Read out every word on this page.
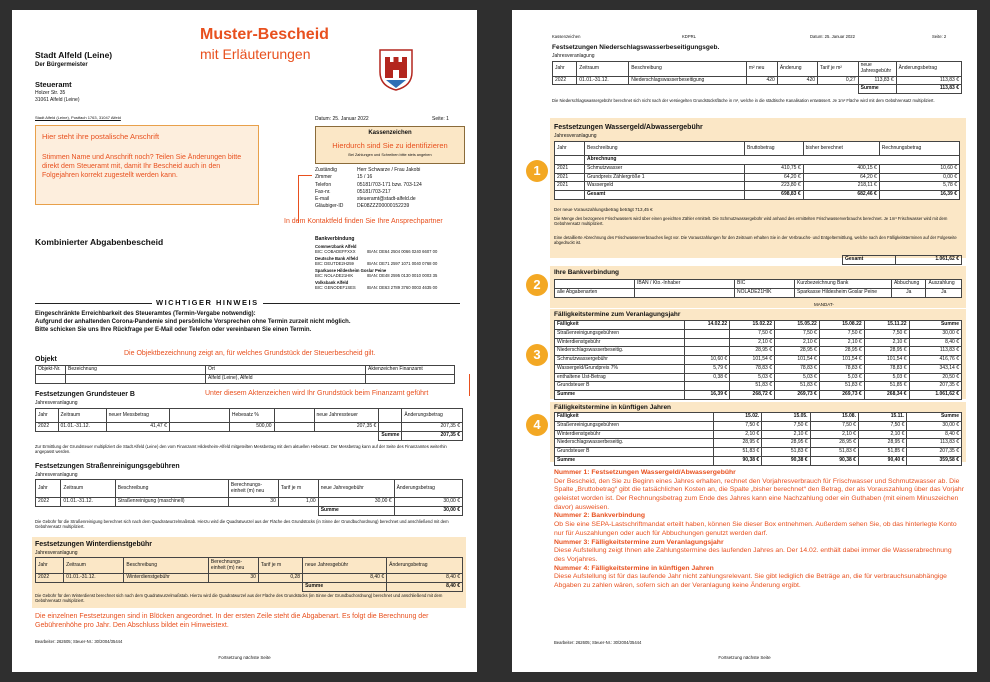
Muster-Bescheid
mit Erläuterungen
Stadt Alfeld (Leine)
Der Bürgermeister
Steueramt
Holzer Str. 35
31061 Alfeld (Leine)
Stadt Alfeld (Leine), Postfach 1763, 31047 Alfeld
Hier steht ihre postalische Anschrift
Stimmen Name und Anschrift noch? Teilen Sie Änderungen bitte direkt dem Steueramt mit, damit Ihr Bescheid auch in den Folgejahren korrekt zugestellt werden kann.
Datum: 25. Januar 2022	Seite: 1
Kassenzeichen
Hierdurch sind Sie zu identifizieren
Bei Zahlungen und Schreiben bitte stets angeben
Zuständig	Herr Schwarze / Frau Jakobi
Zimmer	15 / 16
Telefon	05181/703-171 bzw. 703-124
Fax-nr.	05181/703-217
E-mail	steueramt@stadt-alfeld.de
Gläubiger-ID	DE08ZZZ00000152239
In dem Kontaktfeld finden Sie Ihre Ansprechpartner
Kombinierter Abgabenbescheid	Bankverbindung
Commerzbank Alfeld
BIC: COBADEFFXXX	IBAN: DE64 2504 0066 0240 6607 00
Deutsche Bank Alfeld
BIC: DEUTDE2H259	IBAN: DE71 2597 1071 0040 0768 00
Sparkasse Hildesheim Goslar Peine
BIC: NOLADE21HIK	IBAN: DE48 2595 0130 0010 0003 35
Volksbank Alfeld
BIC: GENODEF1SES	IBAN: DE63 2789 3760 0003 4635 00
WICHTIGER HINWEIS
Eingeschränkte Erreichbarkeit des Steueramtes (Termin-Vergabe notwendig):
Aufgrund der anhaltenden Corona-Pandemie sind persönliche Vorsprechen ohne Termin zurzeit nicht möglich.
Bitte schicken Sie uns Ihre Rückfrage per E-Mail oder Telefon oder vereinbaren Sie einen Termin.
Objekt
Die Objektbezeichnung zeigt an, für welches Grundstück der Steuerbescheid gilt.
Objekt-Nr.	Bezeichnung	Ort	Aktenzeichen Finanzamt
		Alfeld (Leine), Alfeld	
Unter diesem Aktenzeichen wird Ihr Grundstück beim Finanzamt geführt
Festsetzungen Grundsteuer B
Jahresveranlagung
Jahr	Zeitraum	neuer Messbetrag		Hebesatz %		neue Jahressteuer		Änderungsbetrag
2022	01.01.-31.12.	41,47 €		500,00		207,35 €		207,35 €
							Summe	207,35 €
Zur Ermittlung der Grundsteuer multipliziert die Stadt Alfeld (Leine) den vom Finanzamt Hildesheim-Alfeld mitgeteilten Messbetrag mit dem aktuellen Hebesatz. Der Messbetrag kann auf der Seite des Finanzamtes weiterhin angepasst werden.
Festsetzungen Straßenreinigungsgebühren
Jahresveranlagung
Jahr	Zeitraum	Beschreibung	Berechnungs-einheit (m) neu	Tarif je m	neue Jahresgebühr	Änderungsbetrag
2022	01.01.-31.12.	Straßenreinigung (maschinell)	30	1,00	30,00 €	30,00 €
					Summe	30,00 €
Die Gebühr für die Straßenreinigung berechnet sich nach dem Quadratwurzelmaßstab. Hierzu wird die Quadratwurzel aus der Fläche des Grundstücks (in Sinne der Grundbuchordnung) berechnet und anschließend mit dem Gebührensatz multipliziert.
Festsetzungen Winterdienstgebühr
Jahresveranlagung
Jahr	Zeitraum	Beschreibung	Berechnungs-einheit (m) neu	Tarif je m	neue Jahresgebühr	Änderungsbetrag
2022	01.01.-31.12.	Winterdienstgebühr	30	0,28	8,40 €	8,40 €
					Summe	8,40 €
Die Gebühr für den Winterdienst berechnet sich nach dem Quadratwurzelmaßstab. Hierzu wird die Quadratwurzel aus der Fläche des Grundstücks (im Sinne der Grundbuchordnung) berechnet und anschließend mit dem Gebührensatz multipliziert.
Die einzelnen Festsetzungen sind in Blöcken angeordnet. In der ersten Zeile steht die Abgabenart. Es folgt die Berechnung der Gebührenhöhe pro Jahr. Den Abschluss bildet ein Hinweistext.
Bearbeiter: 262605; Steuer-Nr.: 30/2004/35444
Fortsetzung nächste Seite
Kassenzeichen	KDPRL	Datum: 25. Januar 2022	Seite: 2
Festsetzungen Niederschlagswasserbeseitigungsgeb.
Jahresveranlagung
Jahr	Zeitraum	Beschreibung	m² neu	Änderung	Tarif je m²	neue Jahresgebühr	Änderungsbetrag
2022	01.01.-31.12.	Niederschlagswasserbeseitigung	420	420	0,27	113,83 €	113,83 €
						Summe	113,83 €
Die Niederschlagswassergebühr berechnet sich nicht nach der versiegelten Grundstücksfläche in m², welche in die städtische Kanalisation entwässert. Je 1m² Fläche wird mit dem Gebührensatz multipliziert.
Festsetzungen Wassergeld/Abwassergebühr
Jahresveranlagung
Jahr	Beschreibung	Bruttobetrag	bisher berechnet	Rechnungsbetrag
	Abrechnung			
2021	Schmutzwasser	410,75 €	400,15 €	10,60 €
2021	Grundpreis Zählergröße 1	64,20 €	64,20 €	0,00 €
2021	Wassergeld	223,80 €	218,11 €	5,78 €
	Gesamt	698,83 €	682,46 €	16,39 €
Der neue Vorauszahlungsbetrag beträgt 713,45 €
Die Menge des bezogenen Frischwassers wird über einen geeichten Zähler ermittelt. Die Schmutzwassergebühr wird anhand des ermittelten Frischwasserverbrauchs berechnet. Je 1m³ Frischwasser wird mit dem Gebührensatz multipliziert.
Eine detaillierte Abrechnung des Frischwasserverbrauches liegt vor. Die Vorauszahlungen für den Zeitraum erhalten Sie in der Verbrauchs- und Entgeltermittlung, welche nach den Fälligkeitsterminen auf der Folgeseite abgedruckt ist.
Gesamt	1.061,62 €
Ihre Bankverbindung
	IBAN / Kto.-Inhaber	BIC	Kurzbezeichnung Bank	Abbuchung	Auszahlung
alle Abgabenarten		NOLADE21HIK	Sparkasse Hildesheim Goslar Peine	Ja	Ja
MANDAT-
Fälligkeitstermine zum Veranlagungsjahr
Fälligkeit	14.02.22	15.02.22	15.05.22	15.08.22	15.11.22	Summe
Straßenreinigungsgebühren		7,50 €	7,50 €	7,50 €	7,50 €	30,00 €
Winterdienstgebühr		2,10 €	2,10 €	2,10 €	2,10 €	8,40 €
Niederschlagswasserbeseitig.		28,95 €	28,95 €	28,95 €	28,95 €	113,83 €
Schmutzwassergebühr	10,60 €	101,54 €	101,54 €	101,54 €	101,54 €	416,76 €
Wassergeld/Grundpreis 7%	5,79 €	78,83 €	78,83 €	78,83 €	78,83 €	343,14 €
enthaltene Ust-Betrag	0,38 €	5,03 €	5,03 €	5,03 €	5,03 €	20,50 €
Grundsteuer B		51,83 €	51,83 €	51,83 €	51,85 €	207,35 €
Summe	16,39 €	268,72 €	269,73 €	269,73 €	268,34 €	1.061,62 €
Fälligkeitstermine in künftigen Jahren
Fälligkeit	15.02.	15.05.	15.08.	15.11.	Summe
Straßenreinigungsgebühren	7,50 €	7,50 €	7,50 €	7,50 €	30,00 €
Winterdienstgebühr	2,10 €	2,10 €	2,10 €	2,10 €	8,40 €
Niederschlagswasserbeseitig.	28,95 €	28,95 €	28,95 €	28,95 €	113,83 €
Grundsteuer B	51,83 €	51,83 €	51,83 €	51,85 €	207,35 €
Summe	90,38 €	90,38 €	90,38 €	90,40 €	359,58 €
1
2
3
4
Nummer 1: Festsetzungen Wassergeld/Abwassergebühr
Der Bescheid, den Sie zu Beginn eines Jahres erhalten, rechnet den Vorjahresverbrauch für Frischwasser und Schmutzwasser ab. Die Spalte „Bruttobetrag“ gibt die tatsächlichen Kosten an, die Spalte „bisher berechnet“ den Betrag, der als Vorauszahlung über das Vorjahr geleistet worden ist. Der Rechnungsbetrag zum Ende des Jahres kann eine Nachzahlung oder ein Guthaben (mit einem Minuszeichen davor) ausweisen.
Nummer 2: Bankverbindung
Ob Sie eine SEPA-Lastschriftmandat erteilt haben, können Sie dieser Box entnehmen. Außerdem sehen Sie, ob das hinterlegte Konto nur für Auszahlungen oder auch für Abbuchungen genutzt werden darf.
Nummer 3: Fälligkeitstermine zum Veranlagungsjahr
Diese Aufstellung zeigt Ihnen alle Zahlungstermine des laufenden Jahres an. Der 14.02. enthält dabei immer die Wasserabrechnung des Vorjahres.
Nummer 4: Fälligkeitstermine in künftigen Jahren
Diese Aufstellung ist für das laufende Jahr nicht zahlungsrelevant. Sie gibt lediglich die Beträge an, die für verbrauchsunabhängige Abgaben zu zahlen wären, sofern sich an der Veranlagung keine Änderung ergibt.
Bearbeiter: 262605; Steuer-Nr.: 30/2004/35444
Fortsetzung nächste Seite
